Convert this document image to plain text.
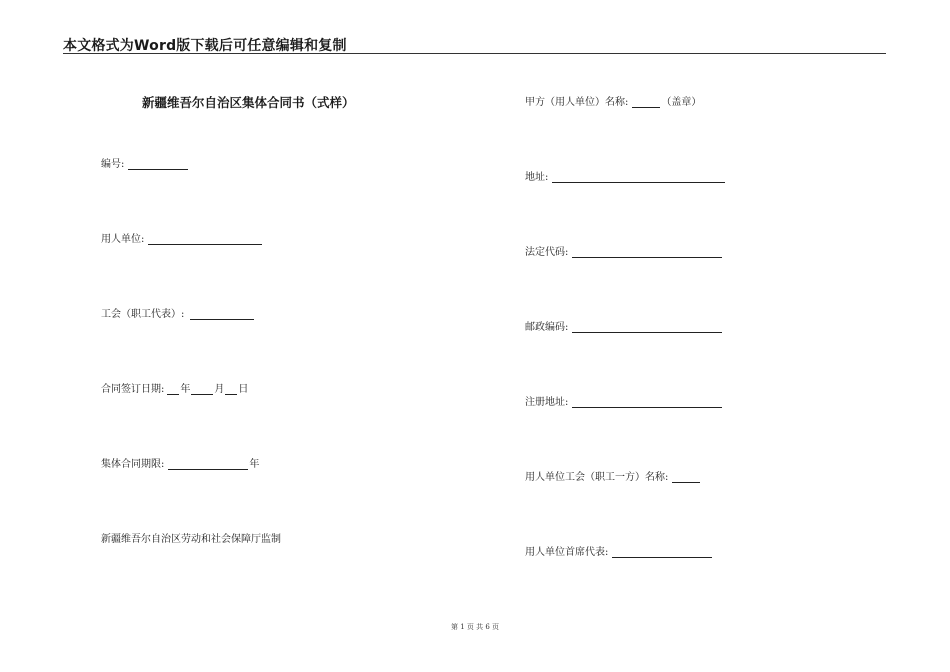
本文格式为Word版下载后可任意编辑和复制
新疆维吾尔自治区集体合同书（式样）
编号:
用人单位:
工会（职工代表）:
合同签订日期: 年 月 日
集体合同期限:	年
新疆维吾尔自治区劳动和社会保障厅监制
甲方（用人单位）名称:	（盖章）
地址:
法定代码:
邮政编码:
注册地址:
用人单位工会（职工一方）名称:
用人单位首席代表:
第 1 页 共 6 页
